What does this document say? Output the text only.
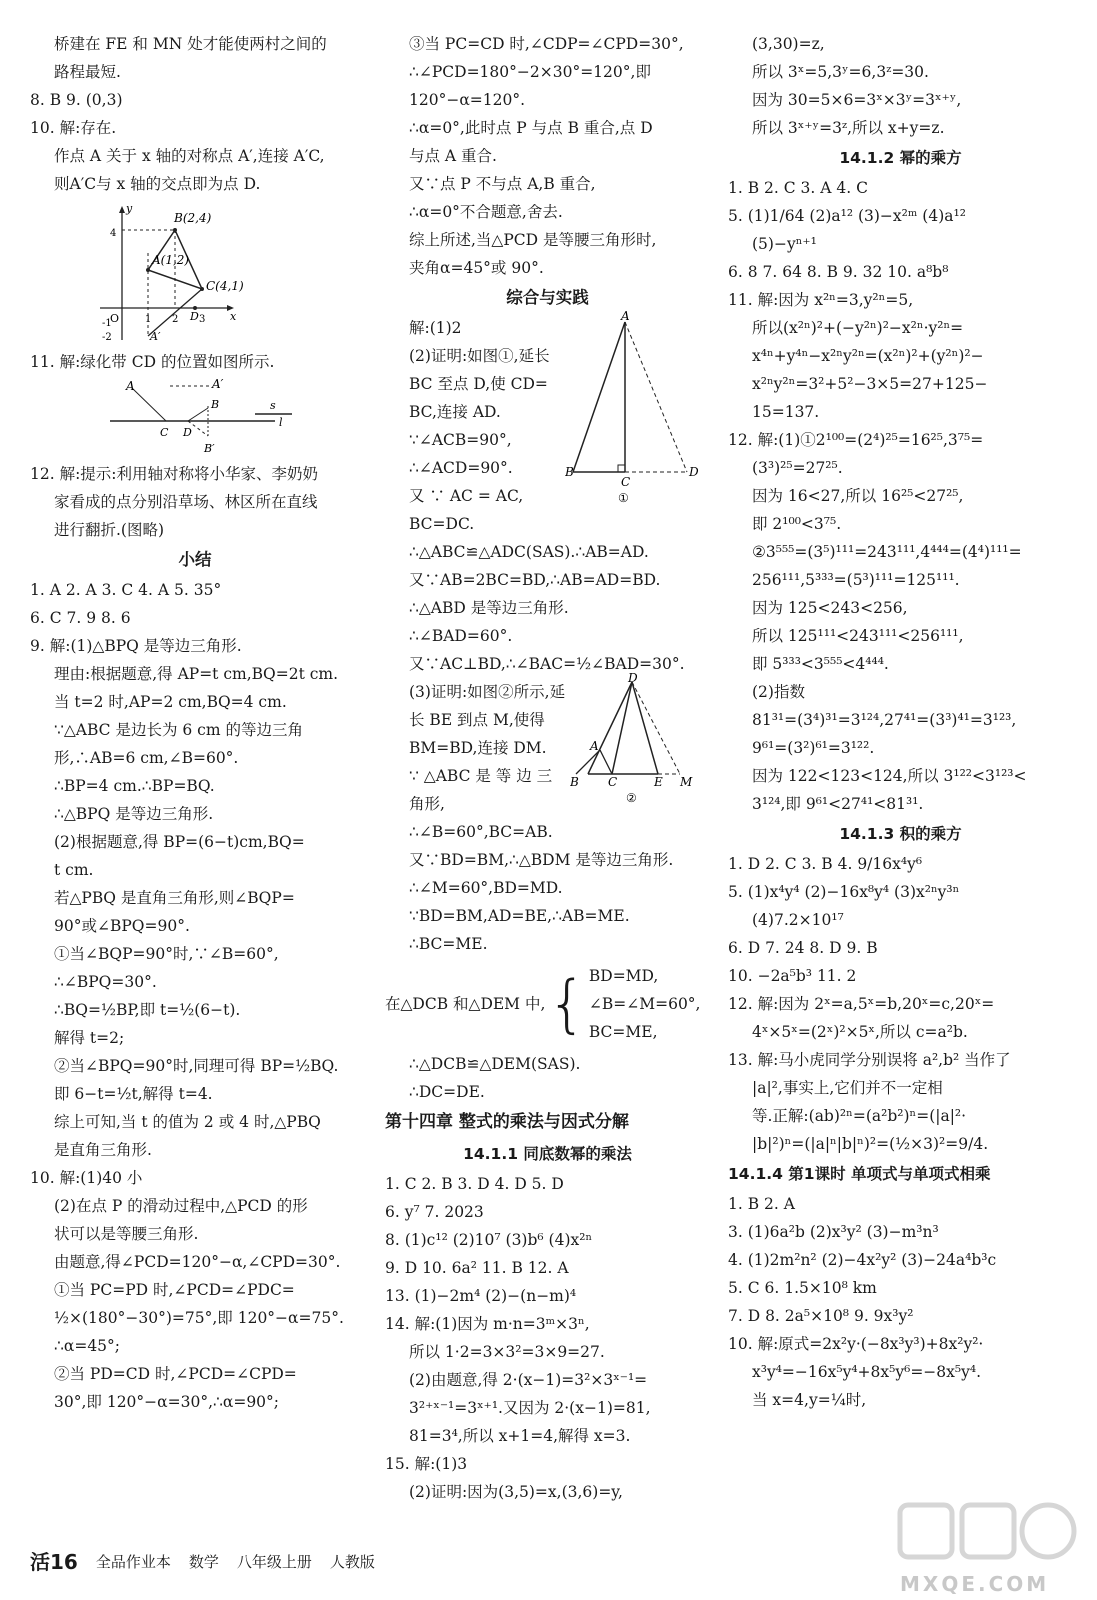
桥建在 FE 和 MN 处才能使两村之间的
路程最短.
8. B 9. (0,3)
10. 解:存在.
作点 A 关于 x 轴的对称点 A′,连接 A′C,
则A′C与 x 轴的交点即为点 D.
B(2,4)
A(1,2)
C(4,1)
A′
D	x
y
O	1 2 3
4
-1
-2
11. 解:绿化带 CD 的位置如图所示.
A	A′
B
C D
B′
l
s
12. 解:提示:利用轴对称将小华家、李奶奶
家看成的点分别沿草场、林区所在直线
进行翻折.(图略)
小结
1. A 2. A 3. C 4. A 5. 35°
6. C 7. 9 8. 6
9. 解:(1)△BPQ 是等边三角形.
理由:根据题意,得 AP=t cm,BQ=2t cm.
当 t=2 时,AP=2 cm,BQ=4 cm.
∵△ABC 是边长为 6 cm 的等边三角
形,∴AB=6 cm,∠B=60°.
∴BP=4 cm.∴BP=BQ.
∴△BPQ 是等边三角形.
(2)根据题意,得 BP=(6−t)cm,BQ=
t cm.
若△PBQ 是直角三角形,则∠BQP=
90°或∠BPQ=90°.
①当∠BQP=90°时,∵∠B=60°,
∴∠BPQ=30°.
∴BQ=½BP,即 t=½(6−t).
解得 t=2;
②当∠BPQ=90°时,同理可得 BP=½BQ.
即 6−t=½t,解得 t=4.
综上可知,当 t 的值为 2 或 4 时,△PBQ
是直角三角形.
10. 解:(1)40 小
(2)在点 P 的滑动过程中,△PCD 的形
状可以是等腰三角形.
由题意,得∠PCD=120°−α,∠CPD=30°.
①当 PC=PD 时,∠PCD=∠PDC=
½×(180°−30°)=75°,即 120°−α=75°.
∴α=45°;
②当 PD=CD 时,∠PCD=∠CPD=
30°,即 120°−α=30°,∴α=90°;
③当 PC=CD 时,∠CDP=∠CPD=30°,
∴∠PCD=180°−2×30°=120°,即
120°−α=120°.
∴α=0°,此时点 P 与点 B 重合,点 D
与点 A 重合.
又∵点 P 不与点 A,B 重合,
∴α=0°不合题意,舍去.
综上所述,当△PCD 是等腰三角形时,
夹角α=45°或 90°.
综合与实践
解:(1)2
(2)证明:如图①,延长
BC 至点 D,使 CD=
BC,连接 AD.
∵∠ACB=90°,
∴∠ACD=90°.
又 ∵ AC = AC,
A
B
C
D
①
BC=DC.
∴△ABC≌△ADC(SAS).∴AB=AD.
又∵AB=2BC=BD,∴AB=AD=BD.
∴△ABD 是等边三角形.
∴∠BAD=60°.
又∵AC⊥BD,∴∠BAC=½∠BAD=30°.
(3)证明:如图②所示,延
长 BE 到点 M,使得
BM=BD,连接 DM.
∵ △ABC 是 等 边 三
角形,
D
A
B C	E M
②
∴∠B=60°,BC=AB.
又∵BD=BM,∴△BDM 是等边三角形.
∴∠M=60°,BD=MD.
∵BD=BM,AD=BE,∴AB=ME.
∴BC=ME.
在△DCB 和△DEM 中, { BD=MD,
∠B=∠M=60°,
BC=ME,
∴△DCB≌△DEM(SAS).
∴DC=DE.
第十四章 整式的乘法与因式分解
14.1.1 同底数幂的乘法
1. C 2. B 3. D 4. D 5. D
6. y⁷ 7. 2023
8. (1)c¹² (2)10⁷ (3)b⁶ (4)x²ⁿ
9. D 10. 6a² 11. B 12. A
13. (1)−2m⁴ (2)−(n−m)⁴
14. 解:(1)因为 m·n=3ᵐ×3ⁿ,
所以 1·2=3×3²=3×9=27.
(2)由题意,得 2·(x−1)=3²×3ˣ⁻¹=
3²⁺ˣ⁻¹=3ˣ⁺¹.又因为 2·(x−1)=81,
81=3⁴,所以 x+1=4,解得 x=3.
15. 解:(1)3
(2)证明:因为(3,5)=x,(3,6)=y,
(3,30)=z,
所以 3ˣ=5,3ʸ=6,3ᶻ=30.
因为 30=5×6=3ˣ×3ʸ=3ˣ⁺ʸ,
所以 3ˣ⁺ʸ=3ᶻ,所以 x+y=z.
14.1.2 幂的乘方
1. B 2. C 3. A 4. C
5. (1)1/64 (2)a¹² (3)−x²ᵐ (4)a¹²
(5)−yⁿ⁺¹
6. 8 7. 64 8. B 9. 32 10. a⁸b⁸
11. 解:因为 x²ⁿ=3,y²ⁿ=5,
所以(x²ⁿ)²+(−y²ⁿ)²−x²ⁿ·y²ⁿ=
x⁴ⁿ+y⁴ⁿ−x²ⁿy²ⁿ=(x²ⁿ)²+(y²ⁿ)²−
x²ⁿy²ⁿ=3²+5²−3×5=27+125−
15=137.
12. 解:(1)①2¹⁰⁰=(2⁴)²⁵=16²⁵,3⁷⁵=
(3³)²⁵=27²⁵.
因为 16<27,所以 16²⁵<27²⁵,
即 2¹⁰⁰<3⁷⁵.
②3⁵⁵⁵=(3⁵)¹¹¹=243¹¹¹,4⁴⁴⁴=(4⁴)¹¹¹=
256¹¹¹,5³³³=(5³)¹¹¹=125¹¹¹.
因为 125<243<256,
所以 125¹¹¹<243¹¹¹<256¹¹¹,
即 5³³³<3⁵⁵⁵<4⁴⁴⁴.
(2)指数
81³¹=(3⁴)³¹=3¹²⁴,27⁴¹=(3³)⁴¹=3¹²³,
9⁶¹=(3²)⁶¹=3¹²².
因为 122<123<124,所以 3¹²²<3¹²³<
3¹²⁴,即 9⁶¹<27⁴¹<81³¹.
14.1.3 积的乘方
1. D 2. C 3. B 4. 9/16x⁴y⁶
5. (1)x⁴y⁴ (2)−16x⁸y⁴ (3)x²ⁿy³ⁿ
(4)7.2×10¹⁷
6. D 7. 24 8. D 9. B
10. −2a⁵b³ 11. 2
12. 解:因为 2ˣ=a,5ˣ=b,20ˣ=c,20ˣ=
4ˣ×5ˣ=(2ˣ)²×5ˣ,所以 c=a²b.
13. 解:马小虎同学分别误将 a²,b² 当作了
|a|²,事实上,它们并不一定相
等.正解:(ab)²ⁿ=(a²b²)ⁿ=(|a|²·
|b|²)ⁿ=(|a|ⁿ|b|ⁿ)²=(½×3)²=9/4.
14.1.4 第1课时 单项式与单项式相乘
1. B 2. A
3. (1)6a²b (2)x³y² (3)−m³n³
4. (1)2m²n² (2)−4x²y² (3)−24a⁴b³c
5. C 6. 1.5×10⁸ km
7. D 8. 2a⁵×10⁸ 9. 9x³y²
10. 解:原式=2x²y·(−8x³y³)+8x²y²·
x³y⁴=−16x⁵y⁴+8x⁵y⁶=−8x⁵y⁴.
当 x=4,y=¼时,
活16 全品作业本 数学 八年级上册 人教版
MXQE.COM
